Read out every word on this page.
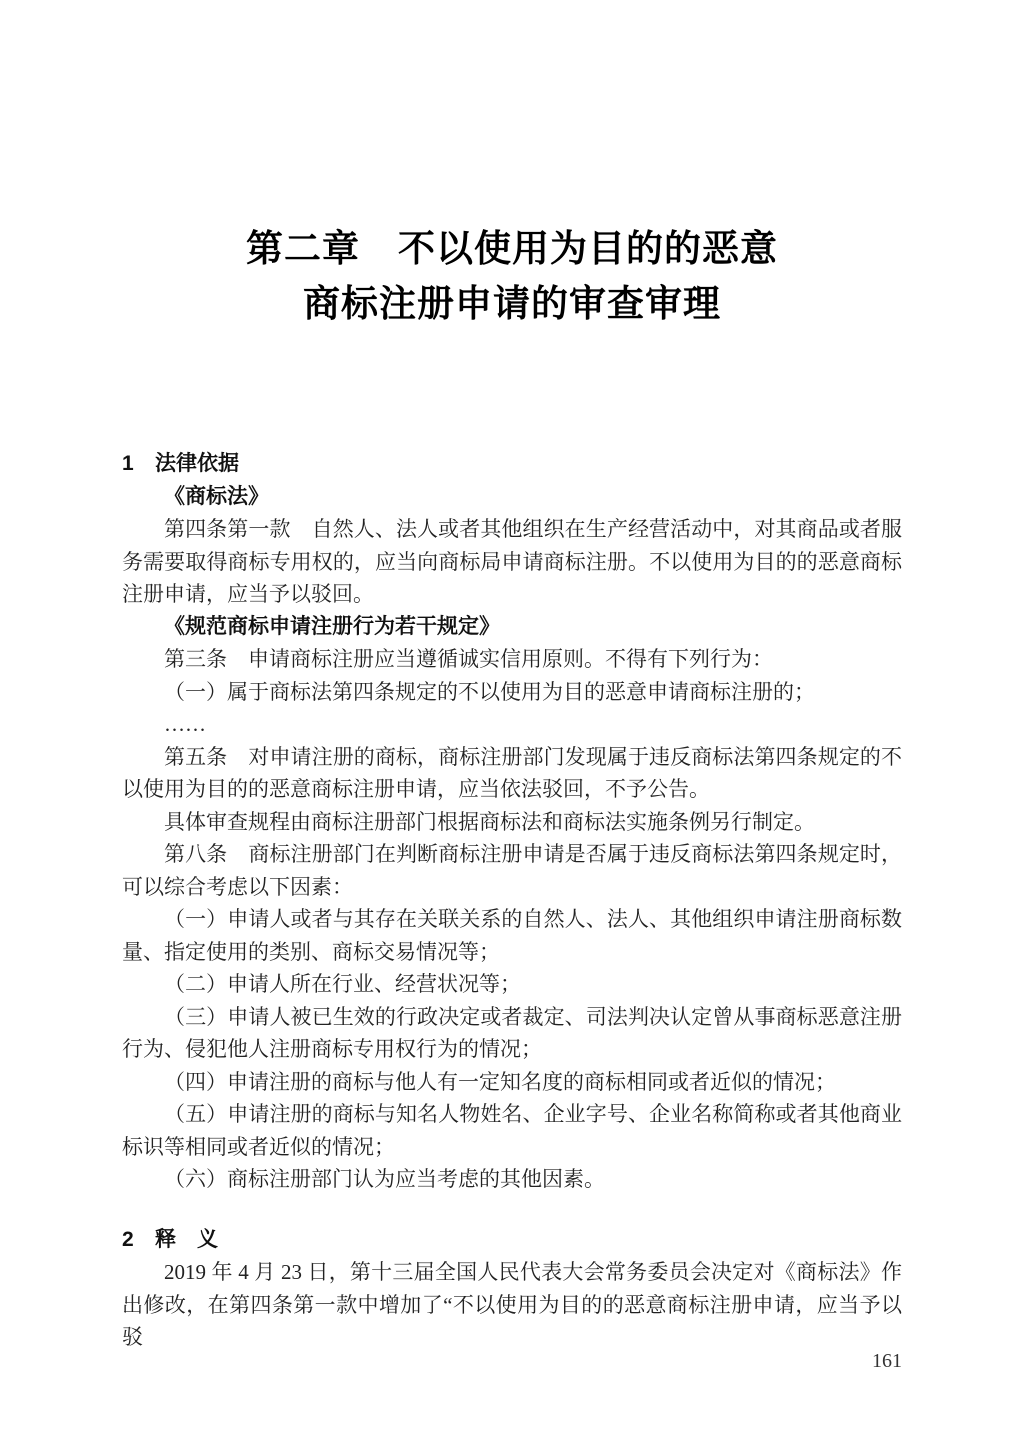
第二章　不以使用为目的的恶意
商标注册申请的审查审理
1 法律依据
《商标法》
第四条第一款　自然人、法人或者其他组织在生产经营活动中，对其商品或者服务需要取得商标专用权的，应当向商标局申请商标注册。不以使用为目的的恶意商标注册申请，应当予以驳回。
《规范商标申请注册行为若干规定》
第三条　申请商标注册应当遵循诚实信用原则。不得有下列行为：
（一）属于商标法第四条规定的不以使用为目的恶意申请商标注册的；
……
第五条　对申请注册的商标，商标注册部门发现属于违反商标法第四条规定的不以使用为目的的恶意商标注册申请，应当依法驳回，不予公告。
具体审查规程由商标注册部门根据商标法和商标法实施条例另行制定。
第八条　商标注册部门在判断商标注册申请是否属于违反商标法第四条规定时，可以综合考虑以下因素：
（一）申请人或者与其存在关联关系的自然人、法人、其他组织申请注册商标数量、指定使用的类别、商标交易情况等；
（二）申请人所在行业、经营状况等；
（三）申请人被已生效的行政决定或者裁定、司法判决认定曾从事商标恶意注册行为、侵犯他人注册商标专用权行为的情况；
（四）申请注册的商标与他人有一定知名度的商标相同或者近似的情况；
（五）申请注册的商标与知名人物姓名、企业字号、企业名称简称或者其他商业标识等相同或者近似的情况；
（六）商标注册部门认为应当考虑的其他因素。
2 释　义
2019 年 4 月 23 日，第十三届全国人民代表大会常务委员会决定对《商标法》作出修改，在第四条第一款中增加了“不以使用为目的的恶意商标注册申请，应当予以驳
161
